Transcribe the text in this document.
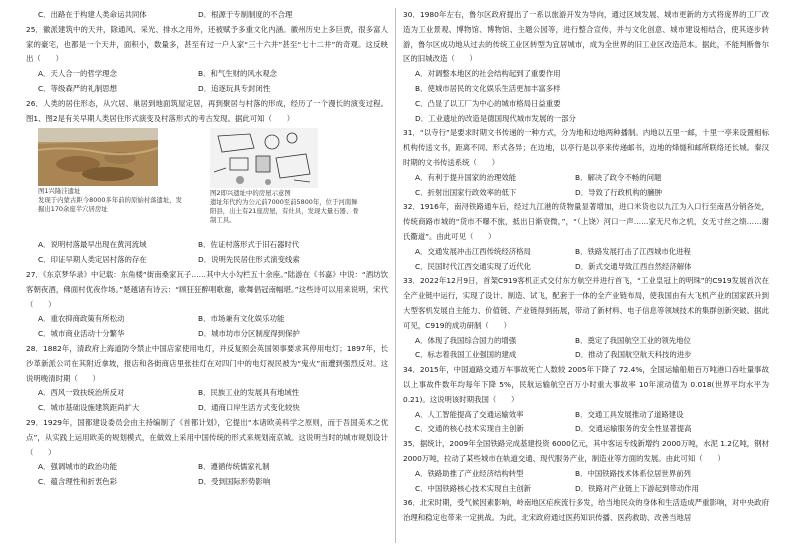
C．出路在于构建人类命运共同体	D．根源于专制制度的不合理

25．徽派建筑中的天井，除通风、采光、排水之用外，还被赋予多重文化内涵。徽州历史上多巨贾，很多富人家的豪宅，也都是一个天井，面积小，数量多，甚至有过一户人家“三十六井”甚至“七十二井”的奇观。这反映出（　　）

A．天人合一的哲学理念	B．和气生财的风水观念
C．等级森严的礼制思想	D．追逐玩具专封闭性

26．人类的居住形态，从穴居、巢居到地面筑屋定居，再到聚居与村落的形成，经历了一个漫长的演变过程。图1、图2是有关早期人类居住形式演变及村落形式的考古发现。据此可知（　　）

图1兴隆洼遗址
发现于内蒙古距今8000多年前的原始村落遗址，发掘出170余座半穴居房址
图2即兴遗址中的房屋示意图
遗址年代约为公元前7000至前5800年，位于河南舞阳县，出土有21座房屋，有灶具，发现大量石器、骨制工具。
A．说明村落最早出现在黄河流域	B．佐证村落形式于旧石器时代
C．印证早期人类定居村落的存在	D．说明先民居住形式演变线索

27．《东京梦华录》中记载：东角楼“街南桑家瓦子……其中大小勾栏五十余座。”陆游在《书嘉》中说：“酒坊饮客朝夜酒，佛面村优夜作场。”楚越诸有诗云：“顾狂狂醉唱歌谢，歌舞倡冠南幅堪。”这些诗可以用来说明，宋代（　　）

A．重农抑商政策有所松动	B．市场兼有文化娱乐功能
C．城市商业活动十分繁华	D．城市坊市分区制度得到保护

28．1882年，清政府上海道防令禁止中国店家使用电灯，并反复照会英国领事要求其停用电灯；1897年，长沙革新派公司在其附近拿坡，报店和各街商店里张挂灯在对四门中的电灯视民被为“鬼火”而遭到强烈反对。这说明晚清时期（　　）

A．西风一致扶统治所反对	B．民族工业的发展具有地域性
C．城市基础设施建筑距尚扩大	D．通商口岸生活方式变化较快

29．1929年，国都建设委员会由主持编制了《首都计划》，它提出“本诸欧美科学之原则，而于吾国美术之优点”，从实践上运用欧美的规划模式，在做效上采用中国传统的形式来规划南京城。这说明当时的城市规划设计（　　）

A．强调城市的政治功能	B．遵循传统儒家礼制
C．蕴含理性和折衷色彩	D．受到国际形势影响

30．1980年左右，鲁尔区政府提出了一系以旅游开发为导向，通过区域发展、城市更新的方式将庞界的工厂改造为工业景观、博物馆、博物馆、主题公园等，进行整合宣传，并与文化创意、城市建设相结合，使其逐步转游，鲁尔区成功地从过去的传统工业区转型为宜居城市，成为全世界的旧工业区改造范本。据此，不能判断鲁尔区的旧城改造（　　）

A．对调整本地区的社会结构起到了重要作用
B．使城市居民的文化娱乐生活更加丰富多样
C．凸显了以工厂为中心的城市格局日益重要
D．工业遗址的改造是德国现代城市发展的一部分

31．“以寺行”是要求时期文书传递的一种方式，分为地和边地两种播制。内地以五里一邮，十里一亭来设置相标机构传送文书，距离不同、形式各异；在边地，以亭行是以亭来传递邮书，边地的烽燧和邮所联络还长城。秦汉时期的文书传送系统（　　）

A．有利于提升国家的治理效能	B．解决了政令不畅的问题
C．折射出国家行政效率的低下	D．导致了行政机构的臃肿

32．1916年，南浔铁路通车后，经过九江港的货物量显著增加，进口米货也以九江为入口行至南昌分销各处，传统商路市城的“货市不曝不旅，抵出日渐衰微，”，“（上饶）河口一声……家无尺布之机，女无寸丝之绩……谢氏衢道”。由此可见（　　）

A．交通发展冲击江西传统经济格局	B．铁路发展打击了江西城市化进程
C．民国时代江西交通实现了近代化	D．新式交通导致江西自然经济解体

33．2022年12月9日，首架C919客机正式交付东方航空并进行首飞，“工业皇冠上的明珠”的C919发展首次在全产业链中运行，实现了设计、制造、试飞，配套于一体的全产业链布局，使我国由有大飞机产业的国家跃升到大型客机发展自主能力、价值链、产业链得到拓展，带动了新材料、电子信息等领域技术的集群创新突破。据此可见，C919的成功研制（　　）

A．体现了我国综合国力的增强	B．奠定了我国航空工业的领先地位
C．标志着我国工业强国的建成	D．推动了我国航空航天科技的进步

34．2015年，中国道路交通万车事故死亡人数较 2005年下降了 72.4%，全国运输船舶百万吨港口吞吐量事故以上事故件数年均每年下降 5%，民航运输航空百万小时重大事故率 10年滚动值为 0.018(世界平均水平为 0.21)。这说明该时期我国（　　）

A．人工智能提高了交通运输效率	B．交通工具发展推动了道路建设
C．交通的核心技术实现自主创新	D．交通运输服务的安全性显著提高

35．据统计，2009年全国铁路完成基建投资 6000亿元，其中客运专线新增约 2000万吨，水泥 1.2亿吨，钢材 2000万吨，拉动了某些城市在轨道交通、现代服务产业，制造业等方面的发展。由此可知（　　）

A．铁路助推了产业经济结构转型	B．中国铁路技术体系位居世界前列
C．中国铁路核心技术实现自主创新	D．铁路对产业链上下游起到带动作用

36．北宋时期，受气候因素影响，岭南地区疟疾流行多发，给当地民众的身体和生活造成严重影响，对中央政府治理和稳定也带来一定挑战。为此，北宋政府通过医药知识传播、医药救助、改善当地居
